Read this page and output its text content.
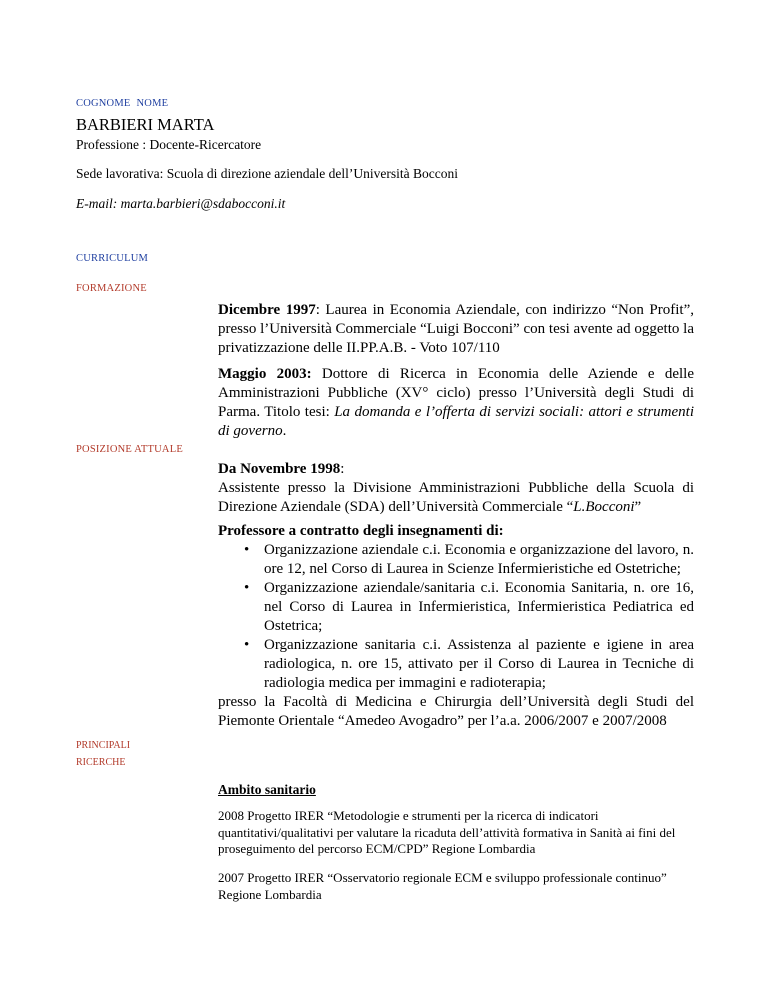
COGNOME NOME
BARBIERI MARTA
Professione : Docente-Ricercatore
Sede lavorativa: Scuola di direzione aziendale dell’Università Bocconi
E-mail: marta.barbieri@sdabocconi.it
CURRICULUM
FORMAZIONE
Dicembre 1997: Laurea in Economia Aziendale, con indirizzo “Non Profit”, presso l’Università Commerciale “Luigi Bocconi” con tesi avente ad oggetto la privatizzazione delle II.PP.A.B. - Voto 107/110
Maggio 2003: Dottore di Ricerca in Economia delle Aziende e delle Amministrazioni Pubbliche (XV° ciclo) presso l’Università degli Studi di Parma. Titolo tesi: La domanda e l’offerta di servizi sociali: attori e strumenti di governo.
POSIZIONE ATTUALE
Da Novembre 1998:
Assistente presso la Divisione Amministrazioni Pubbliche della Scuola di Direzione Aziendale (SDA) dell’Università Commerciale “L.Bocconi”
Professore a contratto degli insegnamenti di:
• Organizzazione aziendale c.i. Economia e organizzazione del lavoro, n. ore 12, nel Corso di Laurea in Scienze Infermieristiche ed Ostetriche;
• Organizzazione aziendale/sanitaria c.i. Economia Sanitaria, n. ore 16, nel Corso di Laurea in Infermieristica, Infermieristica Pediatrica ed Ostetrica;
• Organizzazione sanitaria c.i. Assistenza al paziente e igiene in area radiologica, n. ore 15, attivato per il Corso di Laurea in Tecniche di radiologia medica per immagini e radioterapia;
presso la Facoltà di Medicina e Chirurgia dell’Università degli Studi del Piemonte Orientale “Amedeo Avogadro” per l’a.a. 2006/2007 e 2007/2008
PRINCIPALI
RICERCHE
Ambito sanitario
2008 Progetto IRER “Metodologie e strumenti per la ricerca di indicatori quantitativi/qualitativi per valutare la ricaduta dell’attività formativa in Sanità ai fini del proseguimento del percorso ECM/CPD” Regione Lombardia
2007 Progetto IRER “Osservatorio regionale ECM e sviluppo professionale continuo” Regione Lombardia
